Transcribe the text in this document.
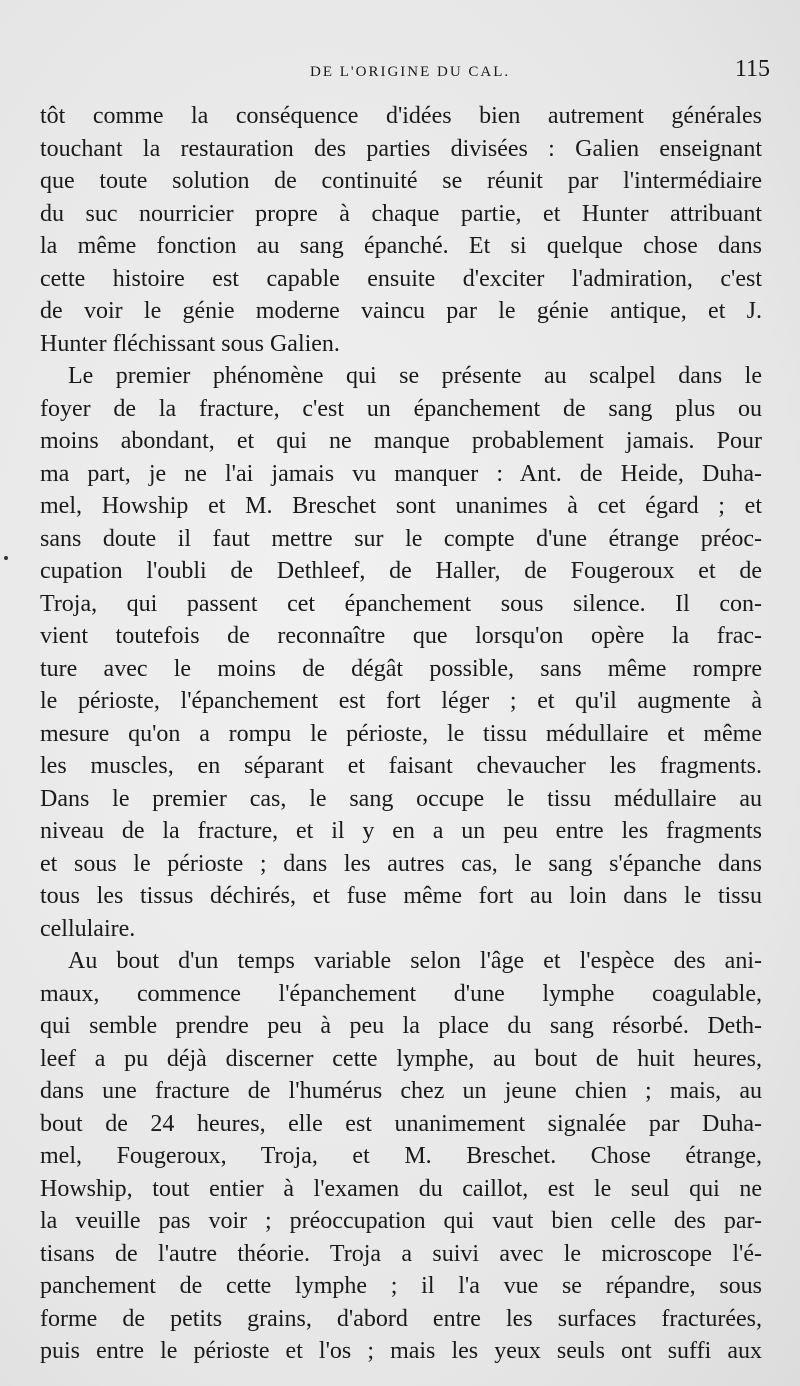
DE L'ORIGINE DU CAL.	115
tôt comme la conséquence d'idées bien autrement générales
touchant la restauration des parties divisées : Galien enseignant
que toute solution de continuité se réunit par l'intermédiaire
du suc nourricier propre à chaque partie, et Hunter attribuant
la même fonction au sang épanché. Et si quelque chose dans
cette histoire est capable ensuite d'exciter l'admiration, c'est
de voir le génie moderne vaincu par le génie antique, et J.
Hunter fléchissant sous Galien.
Le premier phénomène qui se présente au scalpel dans le
foyer de la fracture, c'est un épanchement de sang plus ou
moins abondant, et qui ne manque probablement jamais. Pour
ma part, je ne l'ai jamais vu manquer : Ant. de Heide, Duha-
mel, Howship et M. Breschet sont unanimes à cet égard ; et
sans doute il faut mettre sur le compte d'une étrange préoc-
cupation l'oubli de Dethleef, de Haller, de Fougeroux et de
Troja, qui passent cet épanchement sous silence. Il con-
vient toutefois de reconnaître que lorsqu'on opère la frac-
ture avec le moins de dégât possible, sans même rompre
le périoste, l'épanchement est fort léger ; et qu'il augmente à
mesure qu'on a rompu le périoste, le tissu médullaire et même
les muscles, en séparant et faisant chevaucher les fragments.
Dans le premier cas, le sang occupe le tissu médullaire au
niveau de la fracture, et il y en a un peu entre les fragments
et sous le périoste ; dans les autres cas, le sang s'épanche dans
tous les tissus déchirés, et fuse même fort au loin dans le tissu
cellulaire.
Au bout d'un temps variable selon l'âge et l'espèce des ani-
maux, commence l'épanchement d'une lymphe coagulable,
qui semble prendre peu à peu la place du sang résorbé. Deth-
leef a pu déjà discerner cette lymphe, au bout de huit heures,
dans une fracture de l'humérus chez un jeune chien ; mais, au
bout de 24 heures, elle est unanimement signalée par Duha-
mel, Fougeroux, Troja, et M. Breschet. Chose étrange,
Howship, tout entier à l'examen du caillot, est le seul qui ne
la veuille pas voir ; préoccupation qui vaut bien celle des par-
tisans de l'autre théorie. Troja a suivi avec le microscope l'é-
panchement de cette lymphe ; il l'a vue se répandre, sous
forme de petits grains, d'abord entre les surfaces fracturées,
puis entre le périoste et l'os ; mais les yeux seuls ont suffi aux
